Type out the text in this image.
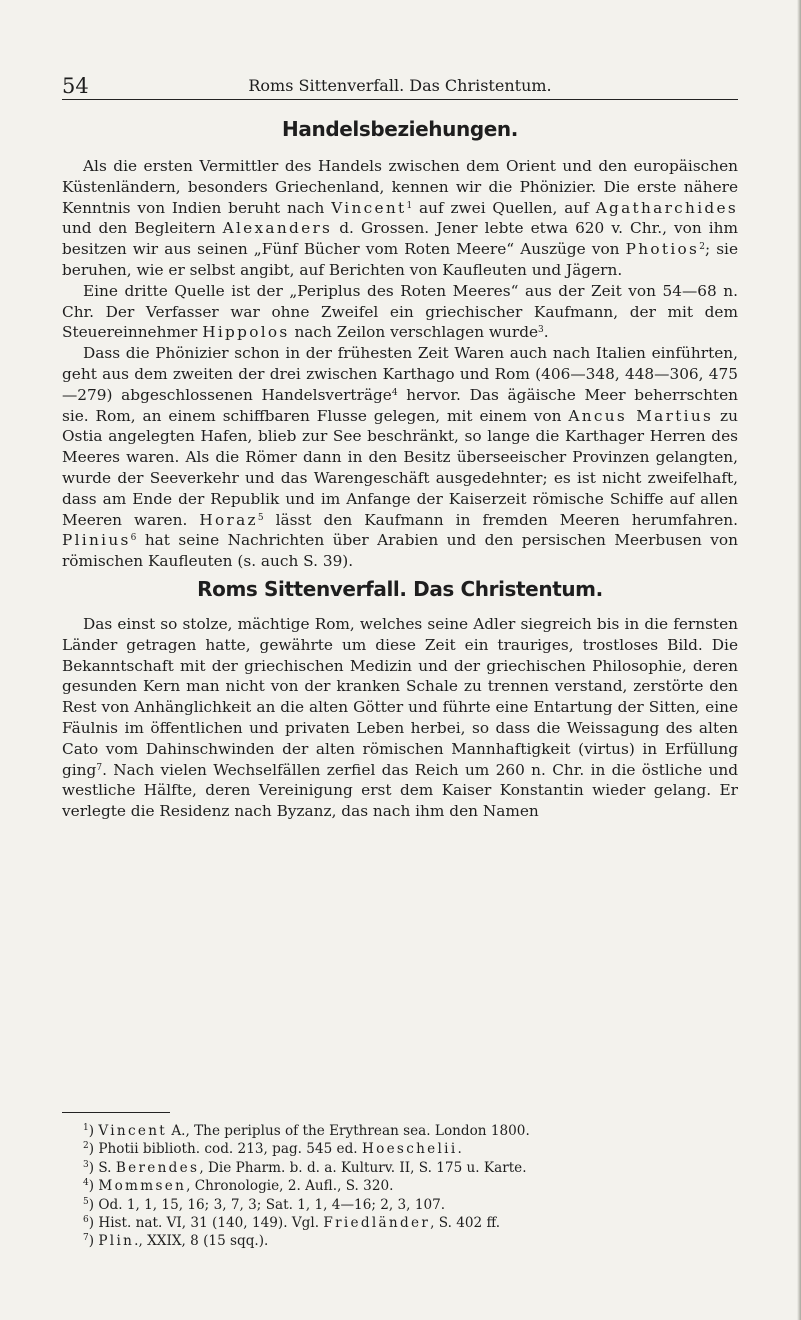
54	Roms Sittenverfall. Das Christentum.
Handelsbeziehungen.

Als die ersten Vermittler des Handels zwischen dem Orient und den europäischen Küstenländern, besonders Griechenland, kennen wir die Phönizier. Die erste nähere Kenntnis von Indien beruht nach Vincent$^1$ auf zwei Quellen, auf Agatharchides und den Begleitern Alexanders d. Grossen. Jener lebte etwa 620 v. Chr., von ihm besitzen wir aus seinen „Fünf Bücher vom Roten Meere“ Auszüge von Photios$^2$; sie beruhen, wie er selbst angibt, auf Berichten von Kaufleuten und Jägern.

Eine dritte Quelle ist der „Periplus des Roten Meeres“ aus der Zeit von 54—68 n. Chr. Der Verfasser war ohne Zweifel ein griechischer Kaufmann, der mit dem Steuereinnehmer Hippolos nach Zeilon verschlagen wurde$^3$.

Dass die Phönizier schon in der frühesten Zeit Waren auch nach Italien einführten, geht aus dem zweiten der drei zwischen Karthago und Rom (406—348, 448—306, 475—279) abgeschlossenen Handelsverträge$^4$ hervor. Das ägäische Meer beherrschten sie. Rom, an einem schiffbaren Flusse gelegen, mit einem von Ancus Martius zu Ostia angelegten Hafen, blieb zur See beschränkt, so lange die Karthager Herren des Meeres waren. Als die Römer dann in den Besitz überseeischer Provinzen gelangten, wurde der Seeverkehr und das Warengeschäft ausgedehnter; es ist nicht zweifelhaft, dass am Ende der Republik und im Anfange der Kaiserzeit römische Schiffe auf allen Meeren waren. Horaz$^5$ lässt den Kaufmann in fremden Meeren herumfahren. Plinius$^6$ hat seine Nachrichten über Arabien und den persischen Meerbusen von römischen Kaufleuten (s. auch S. 39).

Roms Sittenverfall. Das Christentum.

Das einst so stolze, mächtige Rom, welches seine Adler siegreich bis in die fernsten Länder getragen hatte, gewährte um diese Zeit ein trauriges, trostloses Bild. Die Bekanntschaft mit der griechischen Medizin und der griechischen Philosophie, deren gesunden Kern man nicht von der kranken Schale zu trennen verstand, zerstörte den Rest von Anhänglichkeit an die alten Götter und führte eine Entartung der Sitten, eine Fäulnis im öffentlichen und privaten Leben herbei, so dass die Weissagung des alten Cato vom Dahinschwinden der alten römischen Mannhaftigkeit (virtus) in Erfüllung ging$^7$. Nach vielen Wechselfällen zerfiel das Reich um 260 n. Chr. in die östliche und westliche Hälfte, deren Vereinigung erst dem Kaiser Konstantin wieder gelang. Er verlegte die Residenz nach Byzanz, das nach ihm den Namen

$^1$) Vincent A., The periplus of the Erythrean sea. London 1800.
$^2$) Photii biblioth. cod. 213, pag. 545 ed. Hoeschelii.
$^3$) S. Berendes, Die Pharm. b. d. a. Kulturv. II, S. 175 u. Karte.
$^4$) Mommsen, Chronologie, 2. Aufl., S. 320.
$^5$) Od. 1, 1, 15, 16; 3, 7, 3; Sat. 1, 1, 4—16; 2, 3, 107.
$^6$) Hist. nat. VI, 31 (140, 149). Vgl. Friedländer, S. 402 ff.
$^7$) Plin., XXIX, 8 (15 sqq.).
